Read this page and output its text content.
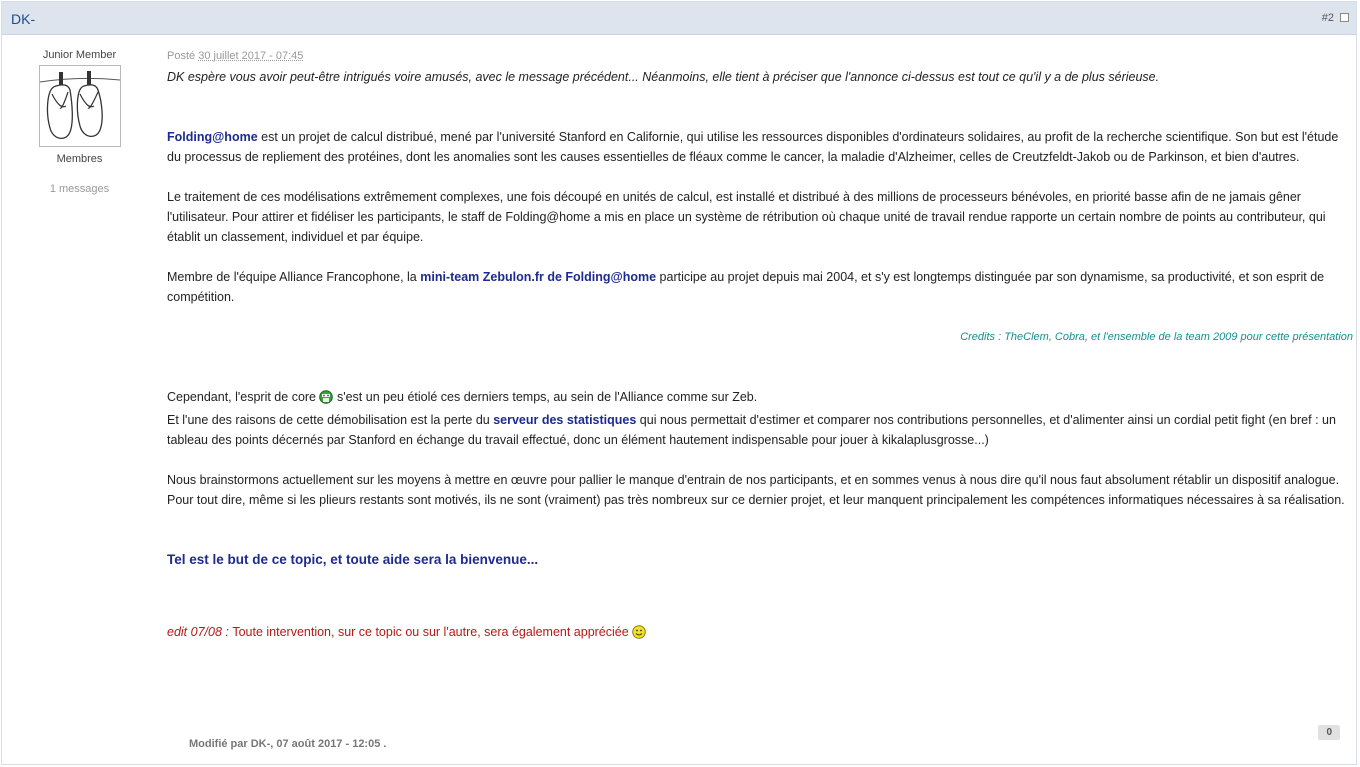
DK-	#2
Junior Member
Membres
1 messages
Posté 30 juillet 2017 - 07:45

DK espère vous avoir peut-être intrigués voire amusés, avec le message précédent... Néanmoins, elle tient à préciser que l'annonce ci-dessus est tout ce qu'il y a de plus sérieuse.

Folding@home est un projet de calcul distribué, mené par l'université Stanford en Californie, qui utilise les ressources disponibles d'ordinateurs solidaires, au profit de la recherche scientifique. Son but est l'étude du processus de repliement des protéines, dont les anomalies sont les causes essentielles de fléaux comme le cancer, la maladie d'Alzheimer, celles de Creutzfeldt-Jakob ou de Parkinson, et bien d'autres.

Le traitement de ces modélisations extrêmement complexes, une fois découpé en unités de calcul, est installé et distribué à des millions de processeurs bénévoles, en priorité basse afin de ne jamais gêner l'utilisateur. Pour attirer et fidéliser les participants, le staff de Folding@home a mis en place un système de rétribution où chaque unité de travail rendue rapporte un certain nombre de points au contributeur, qui établit un classement, individuel et par équipe.

Membre de l'équipe Alliance Francophone, la mini-team Zebulon.fr de Folding@home participe au projet depuis mai 2004, et s'y est longtemps distinguée par son dynamisme, sa productivité, et son esprit de compétition.

Credits : TheClem, Cobra, et l'ensemble de la team 2009 pour cette présentation

Cependant, l'esprit de core  s'est un peu étiolé ces derniers temps, au sein de l'Alliance comme sur Zeb.

Et l'une des raisons de cette démobilisation est la perte du serveur des statistiques qui nous permettait d'estimer et comparer nos contributions personnelles, et d'alimenter ainsi un cordial petit fight (en bref : un tableau des points décernés par Stanford en échange du travail effectué, donc un élément hautement indispensable pour jouer à kikalaplusgrosse...)

Nous brainstormons actuellement sur les moyens à mettre en œuvre pour pallier le manque d'entrain de nos participants, et en sommes venus à nous dire qu'il nous faut absolument rétablir un dispositif analogue.

Pour tout dire, même si les plieurs restants sont motivés, ils ne sont (vraiment) pas très nombreux sur ce dernier projet, et leur manquent principalement les compétences informatiques nécessaires à sa réalisation.

Tel est le but de ce topic, et toute aide sera la bienvenue...

edit 07/08 : Toute intervention, sur ce topic ou sur l'autre, sera également appréciée

Modifié par DK-, 07 août 2017 - 12:05 .
0
